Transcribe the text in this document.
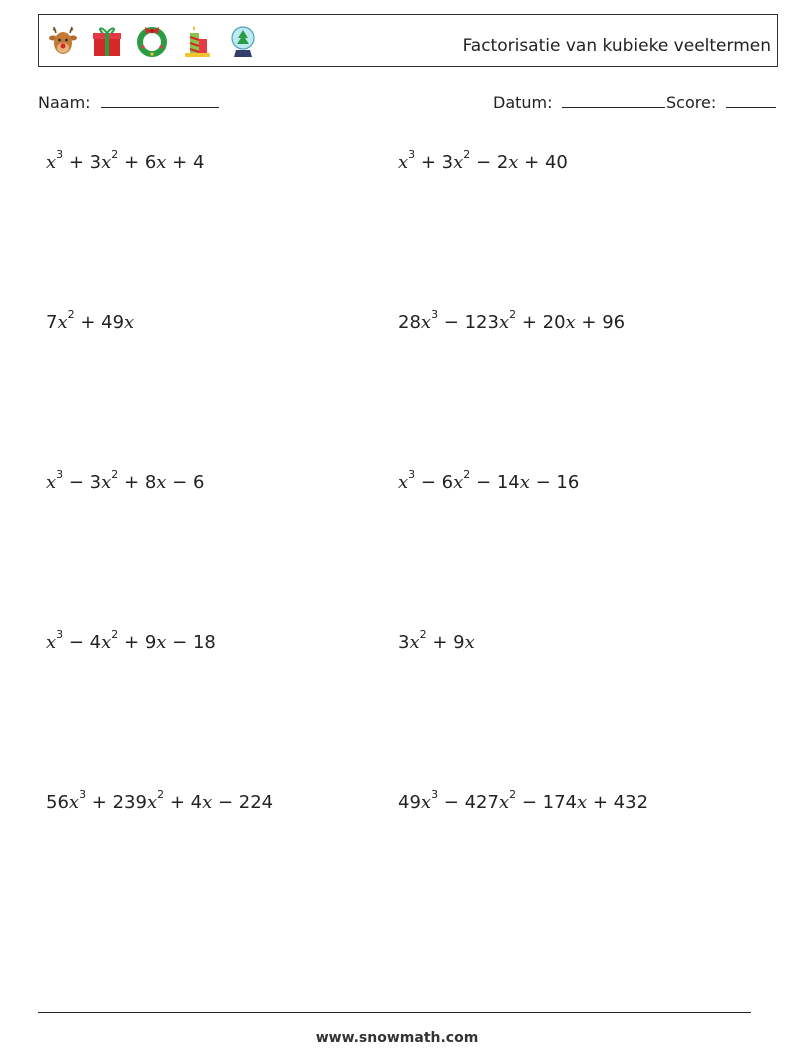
Factorisatie van kubieke veeltermen
Naam:	Datum:	Score:
$x^3 + 3x^2 + 6x + 4$	$x^3 + 3x^2 - 2x + 40$
$7x^2 + 49x$	$28x^3 - 123x^2 + 20x + 96$
$x^3 - 3x^2 + 8x - 6$	$x^3 - 6x^2 - 14x - 16$
$x^3 - 4x^2 + 9x - 18$	$3x^2 + 9x$
$56x^3 + 239x^2 + 4x - 224$	$49x^3 - 427x^2 - 174x + 432$
www.snowmath.com
